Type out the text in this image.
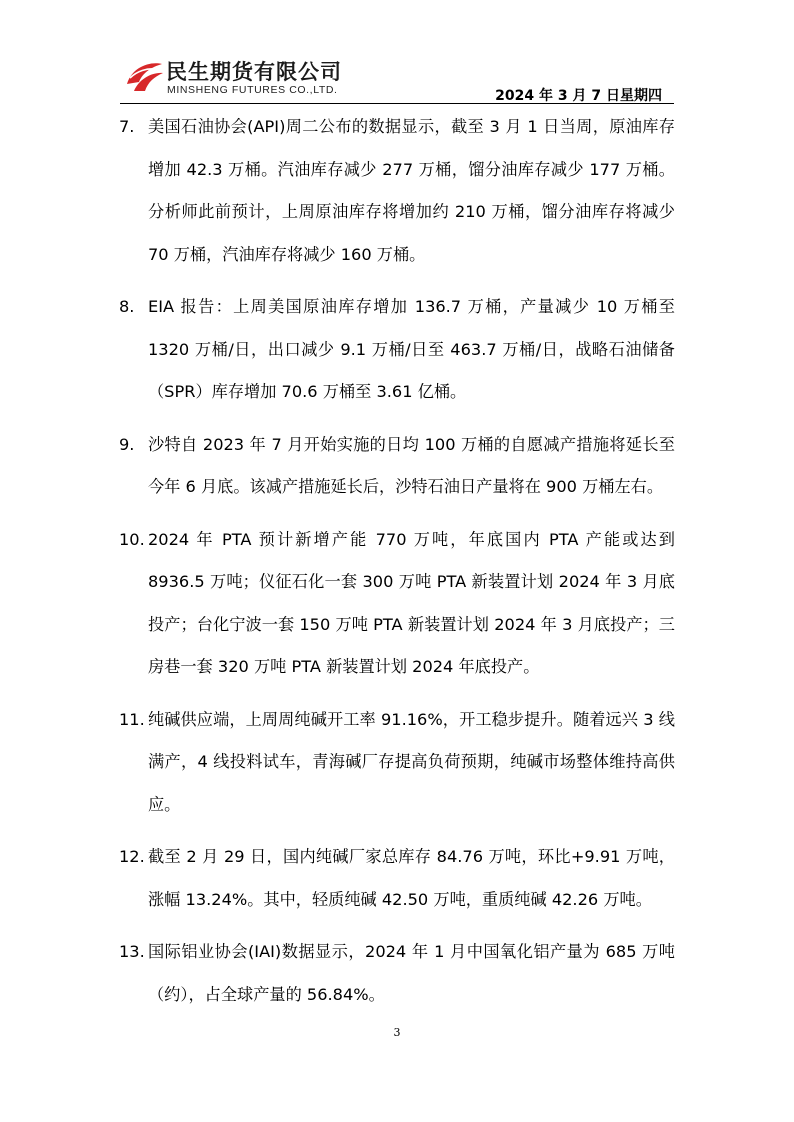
民生期货有限公司
MINSHENG FUTURES CO.,LTD.	2024 年 3 月 7 日星期四
7. 美国石油协会(API)周二公布的数据显示，截至 3 月 1 日当周，原油库存增加 42.3 万桶。汽油库存减少 277 万桶，馏分油库存减少 177 万桶。分析师此前预计，上周原油库存将增加约 210 万桶，馏分油库存将减少 70 万桶，汽油库存将减少 160 万桶。
8. EIA 报告：上周美国原油库存增加 136.7 万桶，产量减少 10 万桶至 1320 万桶/日，出口减少 9.1 万桶/日至 463.7 万桶/日，战略石油储备（SPR）库存增加 70.6 万桶至 3.61 亿桶。
9. 沙特自 2023 年 7 月开始实施的日均 100 万桶的自愿减产措施将延长至今年 6 月底。该减产措施延长后，沙特石油日产量将在 900 万桶左右。
10. 2024 年 PTA 预计新增产能 770 万吨，年底国内 PTA 产能或达到 8936.5 万吨；仪征石化一套 300 万吨 PTA 新装置计划 2024 年 3 月底投产；台化宁波一套 150 万吨 PTA 新装置计划 2024 年 3 月底投产；三房巷一套 320 万吨 PTA 新装置计划 2024 年底投产。
11. 纯碱供应端，上周周纯碱开工率 91.16%，开工稳步提升。随着远兴 3 线满产，4 线投料试车，青海碱厂存提高负荷预期，纯碱市场整体维持高供应。
12. 截至 2 月 29 日，国内纯碱厂家总库存 84.76 万吨，环比+9.91 万吨，涨幅 13.24%。其中，轻质纯碱 42.50 万吨，重质纯碱 42.26 万吨。
13. 国际铝业协会(IAI)数据显示，2024 年 1 月中国氧化铝产量为 685 万吨（约），占全球产量的 56.84%。
3
